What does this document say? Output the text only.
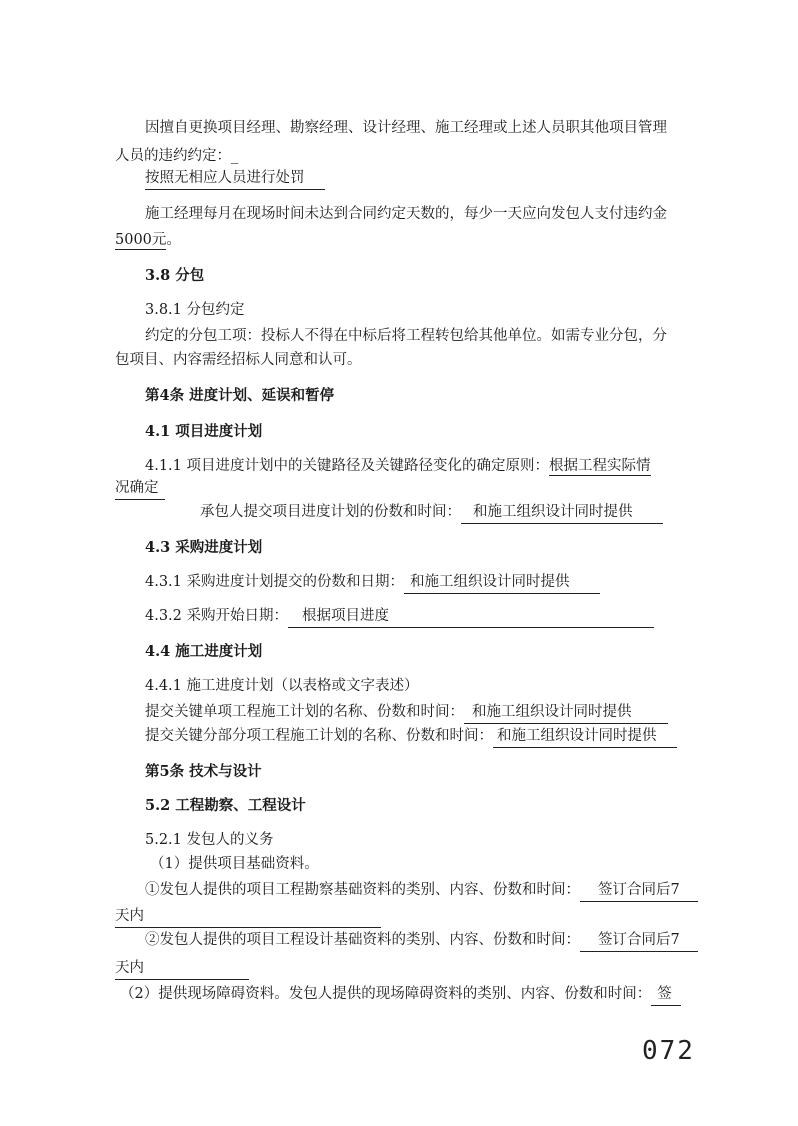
因擅自更换项目经理、勘察经理、设计经理、施工经理或上述人员职其他项目管理
人员的违约约定：_
按照无相应人员进行处罚
施工经理每月在现场时间未达到合同约定天数的，每少一天应向发包人支付违约金
5000元。
3.8 分包
3.8.1 分包约定
约定的分包工项：投标人不得在中标后将工程转包给其他单位。如需专业分包，分
包项目、内容需经招标人同意和认可。
第4条 进度计划、延误和暂停
4.1 项目进度计划
4.1.1 项目进度计划中的关键路径及关键路径变化的确定原则：根据工程实际情
况确定
承包人提交项目进度计划的份数和时间： 和施工组织设计同时提供
4.3 采购进度计划
4.3.1 采购进度计划提交的份数和日期： 和施工组织设计同时提供
4.3.2 采购开始日期： 根据项目进度
4.4 施工进度计划
4.4.1 施工进度计划（以表格或文字表述）
提交关键单项工程施工计划的名称、份数和时间： 和施工组织设计同时提供
提交关键分部分项工程施工计划的名称、份数和时间： 和施工组织设计同时提供
第5条 技术与设计
5.2 工程勘察、工程设计
5.2.1 发包人的义务
（1）提供项目基础资料。
①发包人提供的项目工程勘察基础资料的类别、内容、份数和时间： 签订合同后7
天内
②发包人提供的项目工程设计基础资料的类别、内容、份数和时间： 签订合同后7
天内
（2）提供现场障碍资料。发包人提供的现场障碍资料的类别、内容、份数和时间： 签
072
